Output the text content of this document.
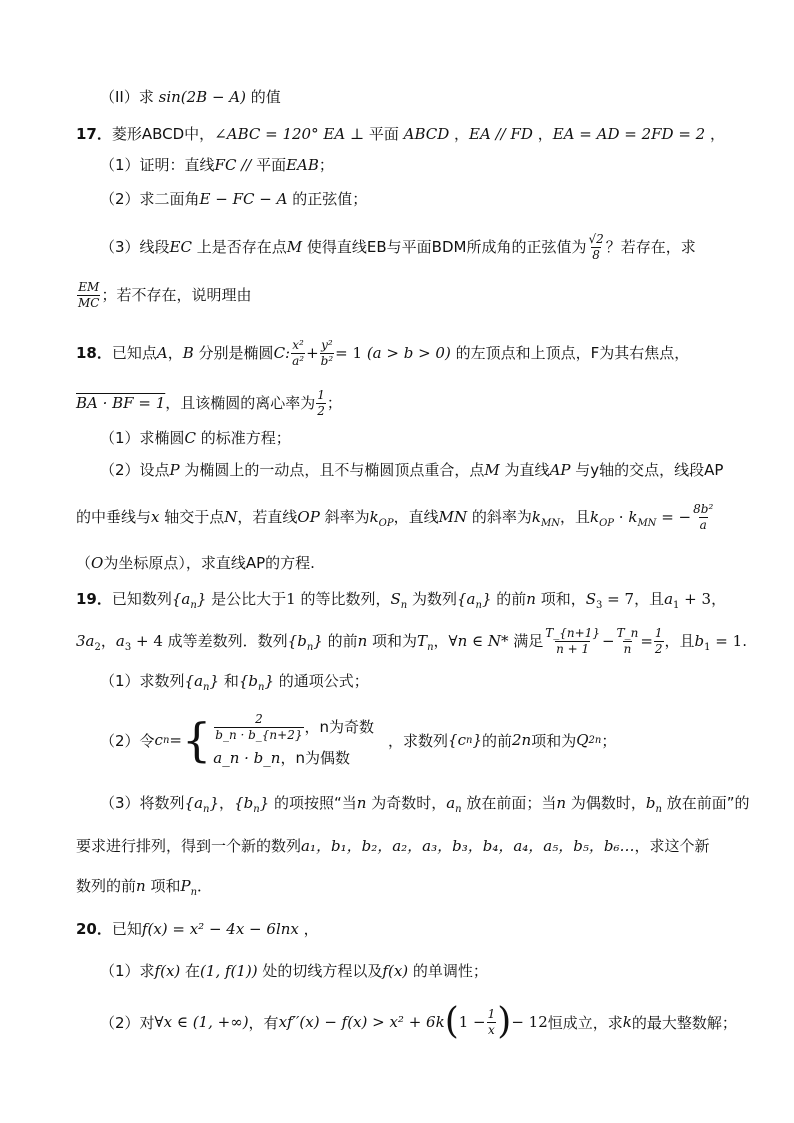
（II）求 sin(2B − A) 的值
17．菱形ABCD中，∠ABC = 120° EA ⊥ 平面 ABCD ，EA // FD ，EA = AD = 2FD = 2 ，
（1）证明：直线FC // 平面EAB；
（2）求二面角E − FC − A 的正弦值；
（3）线段EC 上是否存在点M 使得直线EB与平面BDM所成角的正弦值为 $\frac{√2}{8}$ ？若存在，求
$\frac{EM}{MC}$ ；若不存在，说明理由
18．已知点A，B 分别是椭圆C: $\frac{\text{x²}}{\text{a²}} + \frac{\text{y²}}{\text{b²}} = 1$ (a > b > 0) 的左顶点和上顶点，F为其右焦点，
BA · BF = 1，且该椭圆的离心率为 $\frac{1}{2}$ ；
（1）求椭圆C 的标准方程；
（2）设点P 为椭圆上的一动点，且不与椭圆顶点重合，点M 为直线AP 与y轴的交点，线段AP
的中垂线与x 轴交于点N，若直线OP 斜率为$k_{OP}$，直线MN 的斜率为$k_{MN}$，且$k_{OP} \cdot k_{MN}$ = − $\frac{\text{8b²}}{a}$
（O为坐标原点），求直线AP的方程.
19．已知数列$\{a_n\}$ 是公比大于1 的等比数列，$S_n$ 为数列$\{a_n\}$ 的前n 项和，$S_3 = 7$，且$a_1 + 3$，
$3a_2$，$a_3 + 4$ 成等差数列．数列$\{b_n\}$ 的前n 项和为$T_n$，∀n ∈ N* 满足 $\frac{T\_\{n+1\}}{n + 1} - \frac{T\_n}{n} = \frac{1}{2}$ ，且$b_1 = 1$.
（1）求数列$\{a_n\}$ 和$\{b_n\}$ 的通项公式；
（2）令 c n = { $\frac{2}{b\_n \cdot b\_\{n+2\}}$ ，n为奇数
a_n · b_n，n为偶数
，求数列 {c n } 的前 2n 项和为 Q 2n ；
（3）将数列$\{a_n\}$，$\{b_n\}$ 的项按照“当n 为奇数时，$a_n$ 放在前面；当n 为偶数时，$b_n$ 放在前面”的
要求进行排列，得到一个新的数列a₁，b₁，b₂，a₂，a₃，b₃，b₄，a₄，a₅，b₅，b₆…，求这个新
数列的前n 项和$P_n$．
20．已知f(x) = x² − 4x − 6lnx ，
（1）求f(x) 在(1, f(1)) 处的切线方程以及f(x) 的单调性；
（2）对 ∀x ∈ (1, +∞) ，有 xf′′(x) − f(x) > x² + 6k ( $1 - \frac{1}{x}$ ) − 12 恒成立，求 k 的最大整数解；
